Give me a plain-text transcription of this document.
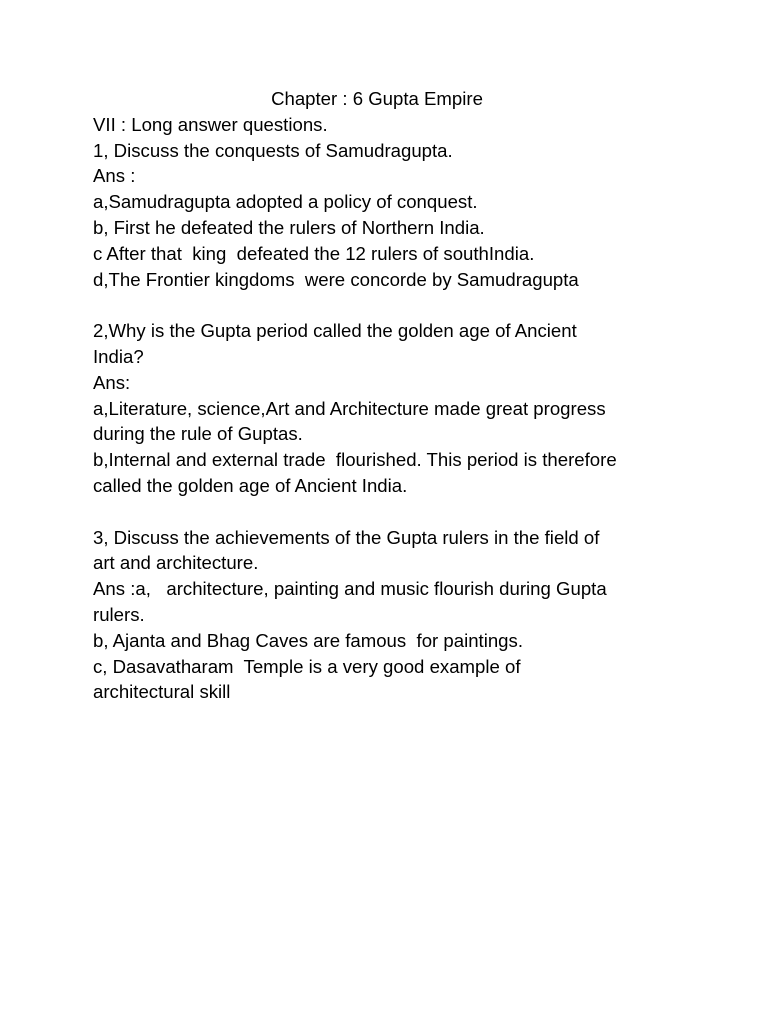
Chapter : 6 Gupta Empire

VII : Long answer questions.

1, Discuss the conquests of Samudragupta.

Ans :

a,Samudragupta adopted a policy of conquest.

b, First he defeated the rulers of Northern India.

c After that  king  defeated the 12 rulers of southIndia.

d,The Frontier kingdoms  were concorde by Samudragupta

2,Why is the Gupta period called the golden age of Ancient

India?

Ans:

a,Literature, science,Art and Architecture made great progress

during the rule of Guptas.

b,Internal and external trade  flourished. This period is therefore

called the golden age of Ancient India.

3, Discuss the achievements of the Gupta rulers in the field of

art and architecture.

Ans :a,   architecture, painting and music flourish during Gupta

rulers.

b, Ajanta and Bhag Caves are famous  for paintings.

c, Dasavatharam  Temple is a very good example of

architectural skill
